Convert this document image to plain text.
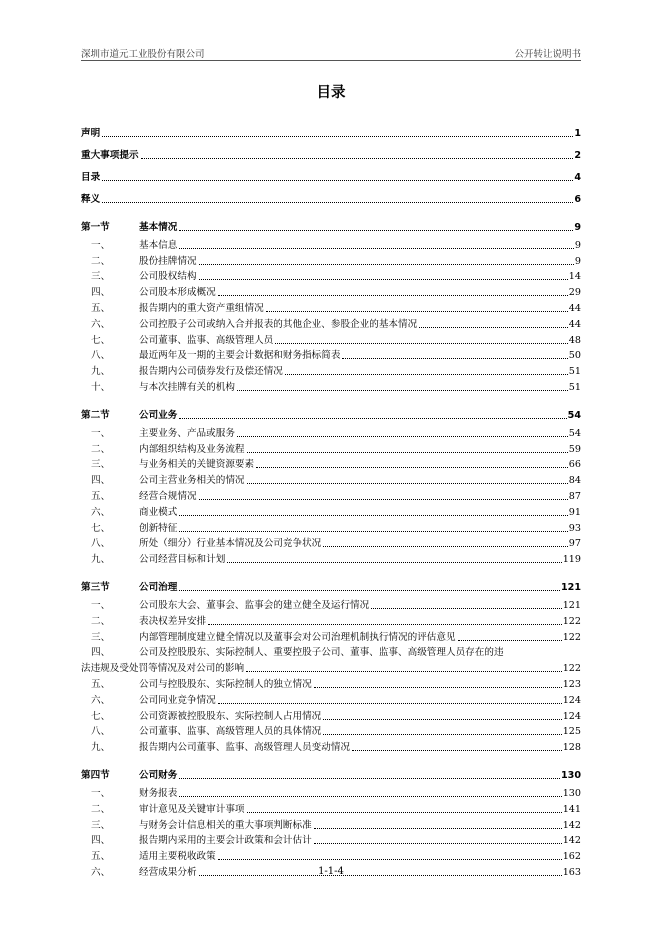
深圳市道元工业股份有限公司	公开转让说明书
目录
声明	1
重大事项提示	2
目录	4
释义	6
第一节	基本情况	9
一、	基本信息	9
二、	股份挂牌情况	9
三、	公司股权结构	14
四、	公司股本形成概况	29
五、	报告期内的重大资产重组情况	44
六、	公司控股子公司或纳入合并报表的其他企业、参股企业的基本情况	44
七、	公司董事、监事、高级管理人员	48
八、	最近两年及一期的主要会计数据和财务指标简表	50
九、	报告期内公司债券发行及偿还情况	51
十、	与本次挂牌有关的机构	51
第二节	公司业务	54
一、	主要业务、产品或服务	54
二、	内部组织结构及业务流程	59
三、	与业务相关的关键资源要素	66
四、	公司主营业务相关的情况	84
五、	经营合规情况	87
六、	商业模式	91
七、	创新特征	93
八、	所处（细分）行业基本情况及公司竞争状况	97
九、	公司经营目标和计划	119
第三节	公司治理	121
一、	公司股东大会、董事会、监事会的建立健全及运行情况	121
二、	表决权差异安排	122
三、	内部管理制度建立健全情况以及董事会对公司治理机制执行情况的评估意见	122
四、	公司及控股股东、实际控制人、重要控股子公司、董事、监事、高级管理人员存在的违
法违规及受处罚等情况及对公司的影响	122
五、	公司与控股股东、实际控制人的独立情况	123
六、	公司同业竞争情况	124
七、	公司资源被控股股东、实际控制人占用情况	124
八、	公司董事、监事、高级管理人员的具体情况	125
九、	报告期内公司董事、监事、高级管理人员变动情况	128
第四节	公司财务	130
一、	财务报表	130
二、	审计意见及关键审计事项	141
三、	与财务会计信息相关的重大事项判断标准	142
四、	报告期内采用的主要会计政策和会计估计	142
五、	适用主要税收政策	162
六、	经营成果分析	163
1-1-4
